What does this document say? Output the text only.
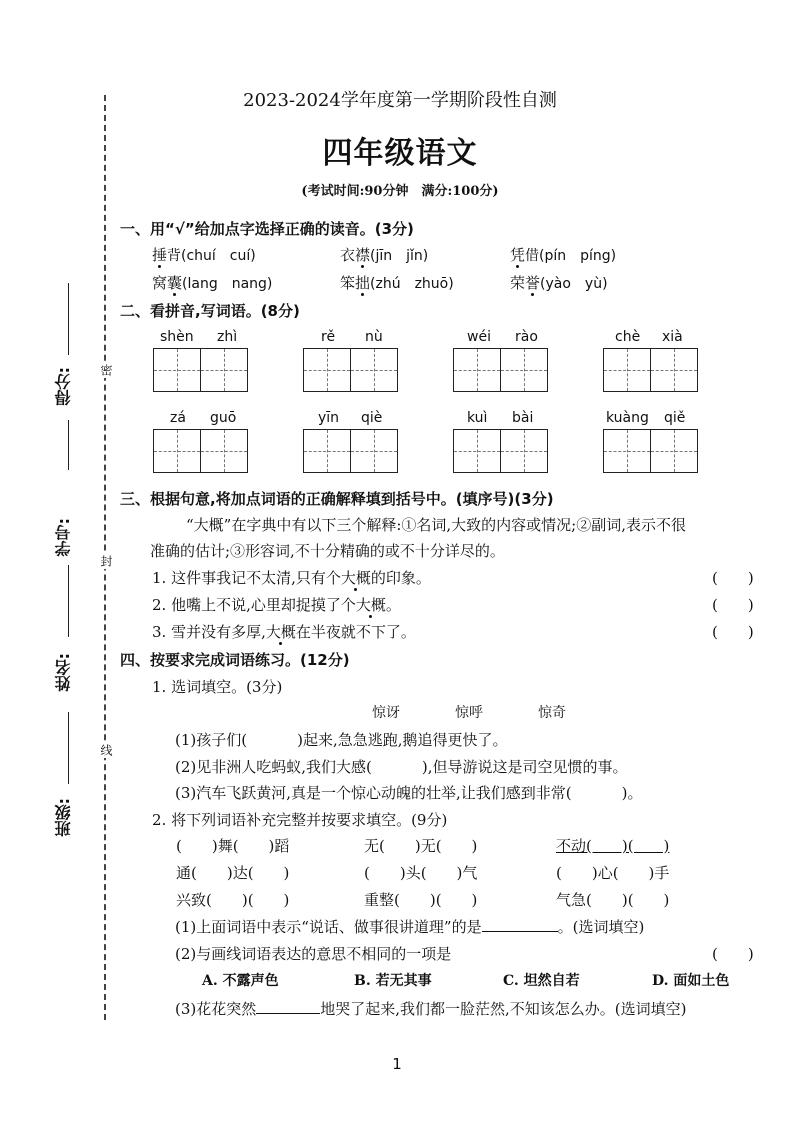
密
封
线
得分:
学号:
姓名:
班级:
2023-2024学年度第一学期阶段性自测
四年级语文
(考试时间:90分钟　满分:100分)
一、用“√”给加点字选择正确的读音。(3分)
捶背(chuí　cuí)	衣襟(jīn　jǐn)	凭借(pín　píng)
窝囊(lang　nang)	笨拙(zhú　zhuō)	荣誉(yào　yù)
二、看拼音,写词语。(8分)
shèn zhì	rě nù	wéi rào	chè xià
zá guō	yīn qiè	kuì bài	kuàng qiě
三、根据句意,将加点词语的正确解释填到括号中。(填序号)(3分)
“大概”在字典中有以下三个解释:①名词,大致的内容或情况;②副词,表示不很
准确的估计;③形容词,不十分精确的或不十分详尽的。
1. 这件事我记不太清,只有个大概的印象。	(　　)
2. 他嘴上不说,心里却捉摸了个大概。	(　　)
3. 雪并没有多厚,大概在半夜就不下了。	(　　)
四、按要求完成词语练习。(12分)
1. 选词填空。(3分)
惊讶	惊呼	惊奇
(1)孩子们(	)起来,急急逃跑,鹅追得更快了。
(2)见非洲人吃蚂蚁,我们大感(	),但导游说这是司空见惯的事。
(3)汽车飞跃黄河,真是一个惊心动魄的壮举,让我们感到非常(	)。
2. 将下列词语补充完整并按要求填空。(9分)
(　　)舞(　　)蹈	无(　　)无(　　)	不动(　　)(　　)
通(　　)达(　　)	(　　)头(　　)气	(　　)心(　　)手
兴致(　　)(　　)	重整(　　)(　　)	气急(　　)(　　)
(1)上面词语中表示“说话、做事很讲道理”的是	。(选词填空)
(2)与画线词语表达的意思不相同的一项是	(　　)
A. 不露声色	B. 若无其事	C. 坦然自若	D. 面如土色
(3)花花突然	地哭了起来,我们都一脸茫然,不知该怎么办。(选词填空)
1
